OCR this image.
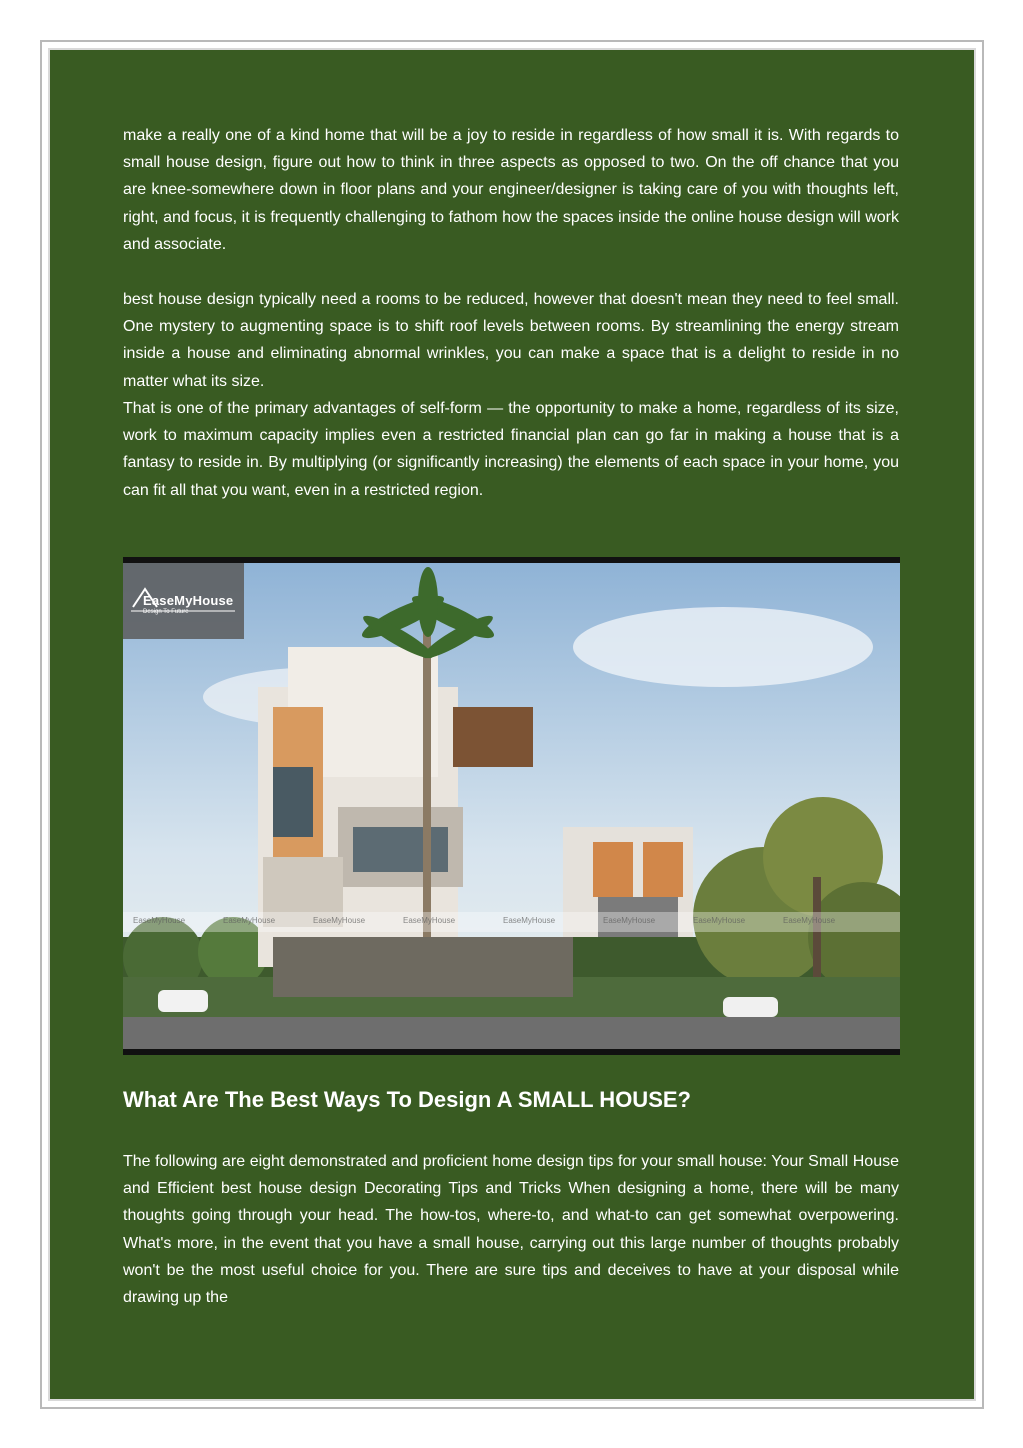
make a really one of a kind home that will be a joy to reside in regardless of how small it is. With regards to small house design, figure out how to think in three aspects as opposed to two. On the off chance that you are knee-somewhere down in floor plans and your engineer/designer is taking care of you with thoughts left, right, and focus, it is frequently challenging to fathom how the spaces inside the online house design will work and associate.

best house design typically need a rooms to be reduced, however that doesn't mean they need to feel small. One mystery to augmenting space is to shift roof levels between rooms. By streamlining the energy stream inside a house and eliminating abnormal wrinkles, you can make a space that is a delight to reside in no matter what its size.

That is one of the primary advantages of self-form — the opportunity to make a home, regardless of its size, work to maximum capacity implies even a restricted financial plan can go far in making a house that is a fantasy to reside in. By multiplying (or significantly increasing) the elements of each space in your home, you can fit all that you want, even in a restricted region.

EaseMyHouse	EaseMyHouse	EaseMyHouse	EaseMyHouse	EaseMyHouse	EaseMyHouse	EaseMyHouse	EaseMyHouse
EaseMyHouse
Design To Future
What Are The Best Ways To Design A SMALL HOUSE?

The following are eight demonstrated and proficient home design tips for your small house: Your Small House and Efficient best house design Decorating Tips and Tricks When designing a home, there will be many thoughts going through your head. The how-tos, where-to, and what-to can get somewhat overpowering. What's more, in the event that you have a small house, carrying out this large number of thoughts probably won't be the most useful choice for you. There are sure tips and deceives to have at your disposal while drawing up the
